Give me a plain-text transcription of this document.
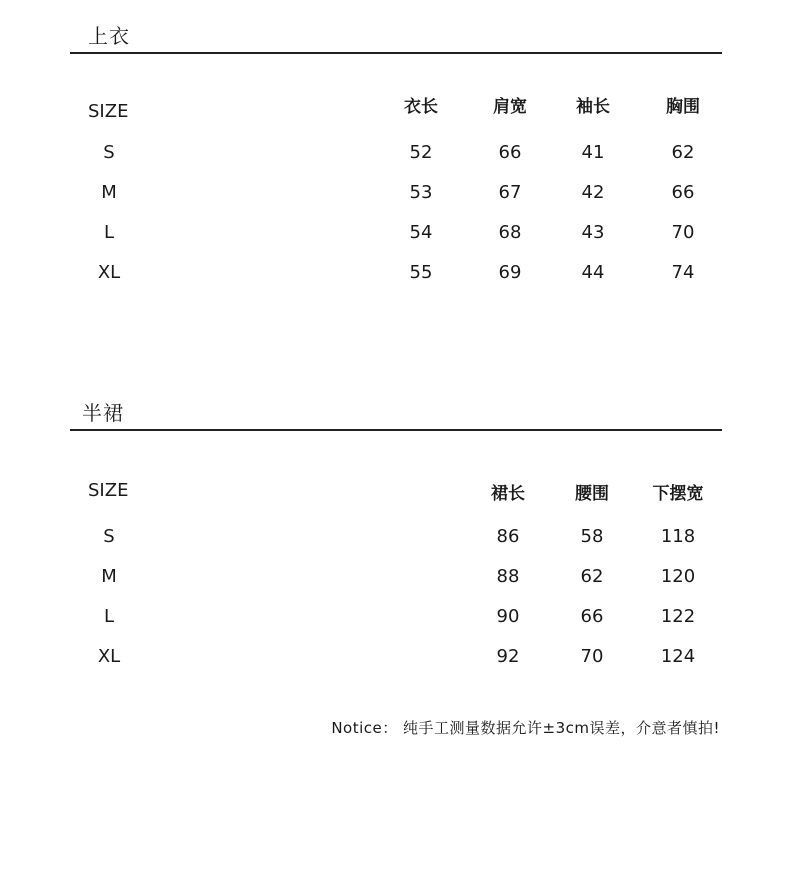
上衣
SIZE	衣长	肩宽	袖长	胸围
S	52	66	41	62
M	53	67	42	66
L	54	68	43	70
XL	55	69	44	74
半裙
SIZE	裙长	腰围	下摆宽
S	86	58	118
M	88	62	120
L	90	66	122
XL	92	70	124
Notice： 纯手工测量数据允许±3cm误差，介意者慎拍!
